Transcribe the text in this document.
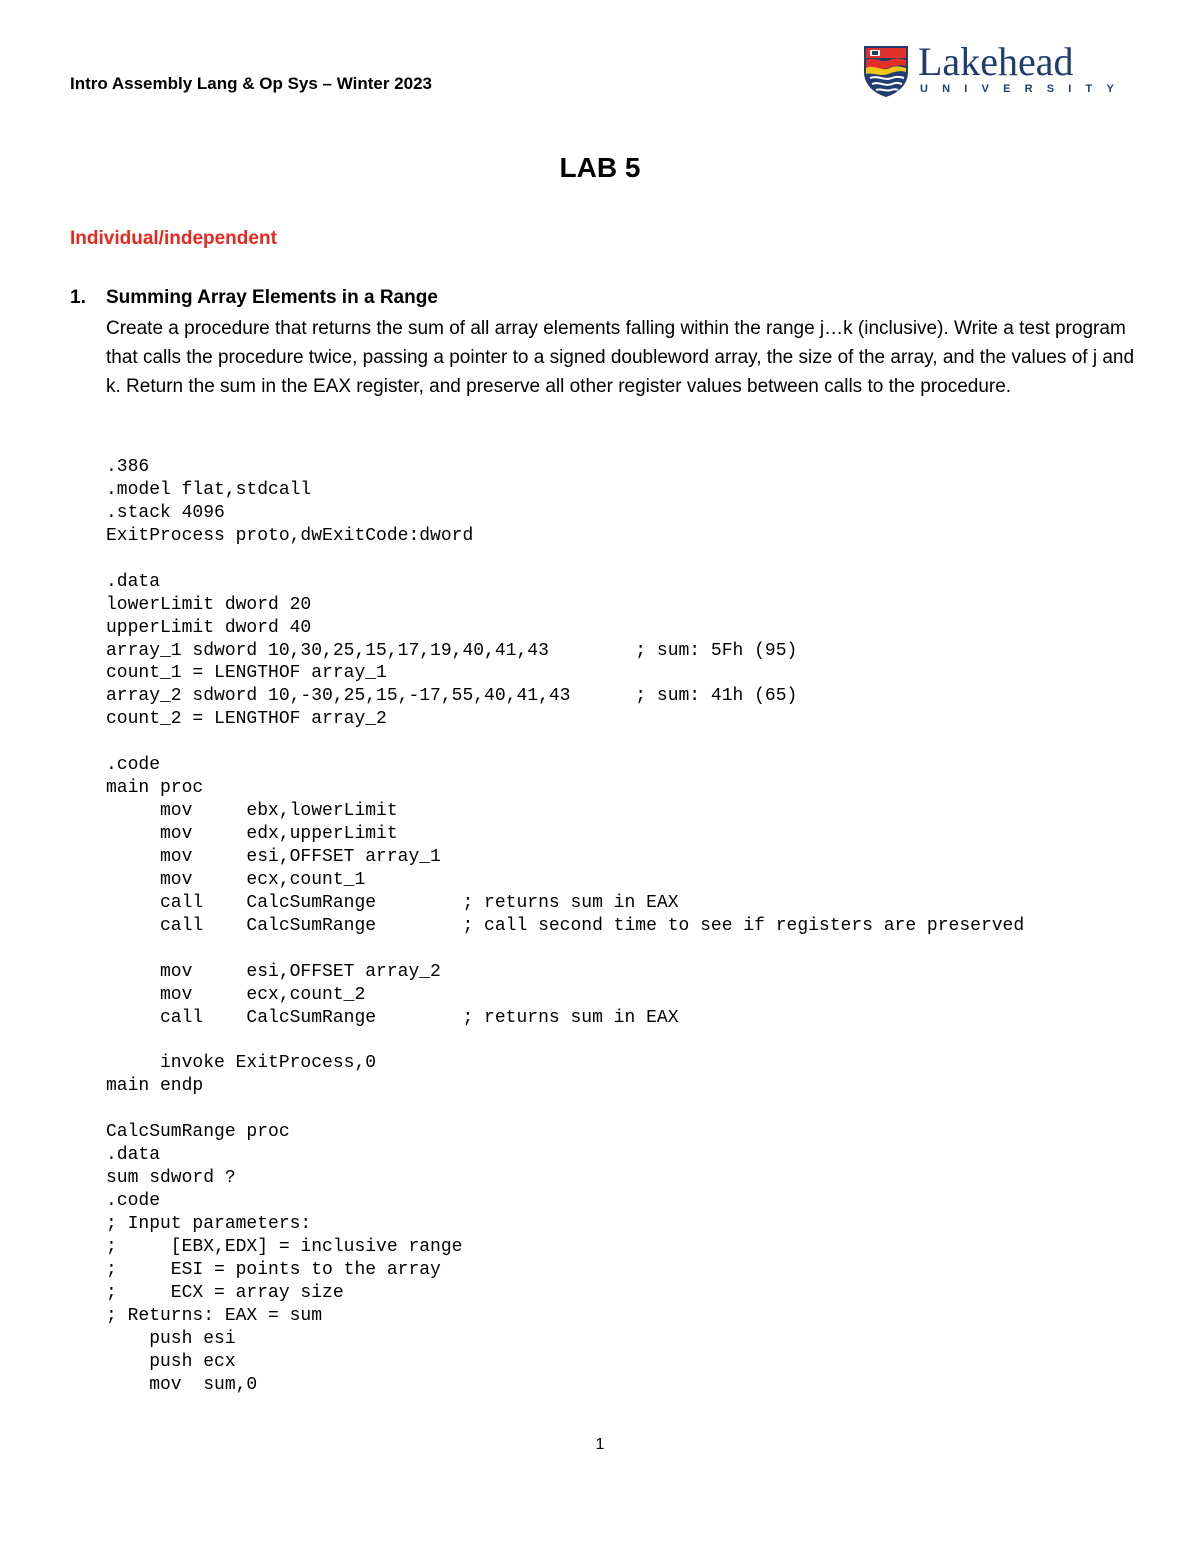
Intro Assembly Lang & Op Sys – Winter 2023	Lakehead
UNIVERSITY
LAB 5
Individual/independent
1. Summing Array Elements in a Range
Create a procedure that returns the sum of all array elements falling within the range j…k (inclusive). Write a test program that calls the procedure twice, passing a pointer to a signed doubleword array, the size of the array, and the values of j and k. Return the sum in the EAX register, and preserve all other register values between calls to the procedure.
.386
.model flat,stdcall
.stack 4096
ExitProcess proto,dwExitCode:dword
.data
lowerLimit dword 20
upperLimit dword 40
array_1 sdword 10,30,25,15,17,19,40,41,43        ; sum: 5Fh (95)
count_1 = LENGTHOF array_1
array_2 sdword 10,-30,25,15,-17,55,40,41,43      ; sum: 41h (65)
count_2 = LENGTHOF array_2
.code
main proc
mov     ebx,lowerLimit
mov     edx,upperLimit
mov     esi,OFFSET array_1
mov     ecx,count_1
call    CalcSumRange        ; returns sum in EAX
call    CalcSumRange        ; call second time to see if registers are preserved
mov     esi,OFFSET array_2
mov     ecx,count_2
call    CalcSumRange        ; returns sum in EAX
invoke ExitProcess,0
main endp
CalcSumRange proc
.data
sum sdword ?
.code
; Input parameters:
;     [EBX,EDX] = inclusive range
;     ESI = points to the array
;     ECX = array size
; Returns: EAX = sum
push esi
push ecx
mov  sum,0
1
